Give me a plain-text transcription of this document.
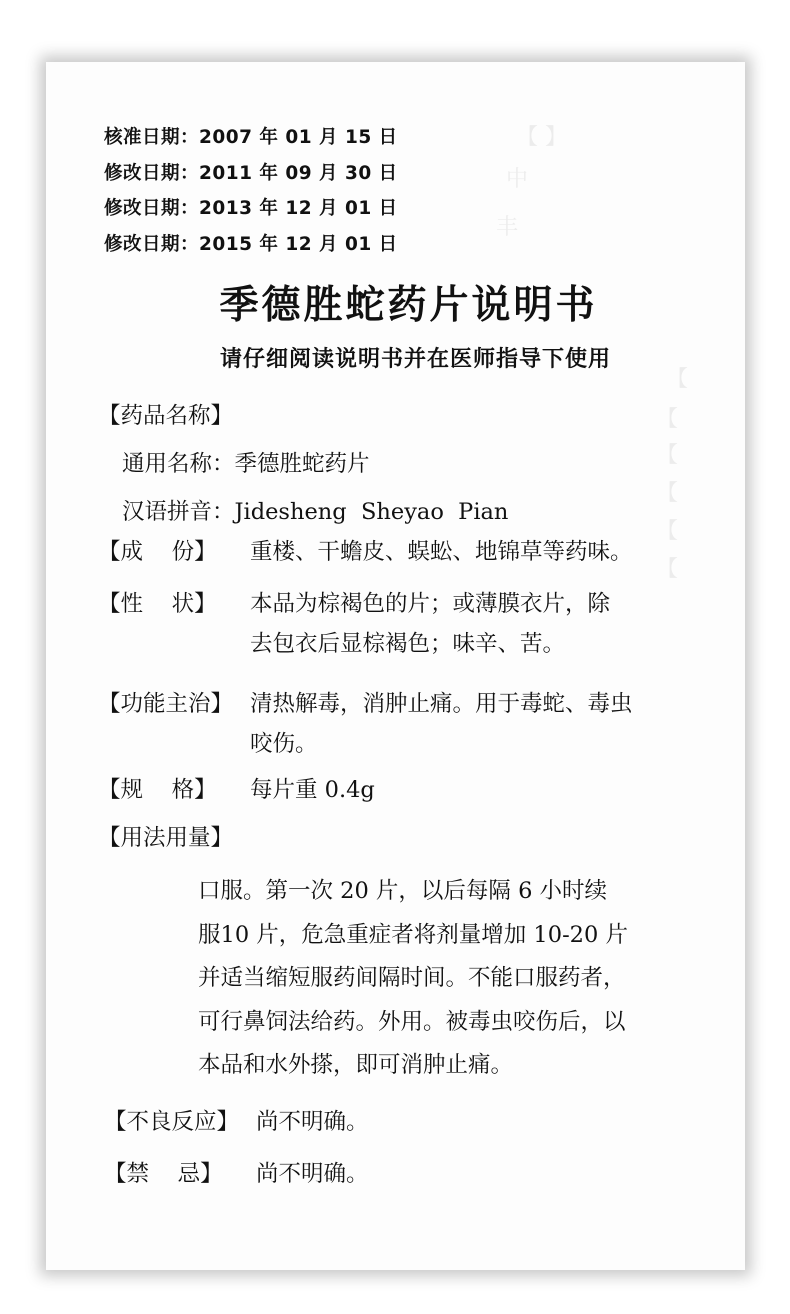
【 】
中
丰
【
【
【
【
【
【
核准日期：2007 年 01 月 15 日
修改日期：2011 年 09 月 30 日
修改日期：2013 年 12 月 01 日
修改日期：2015 年 12 月 01 日
季德胜蛇药片说明书
请仔细阅读说明书并在医师指导下使用
【药品名称】
通用名称：季德胜蛇药片
汉语拼音：Jidesheng  Sheyao  Pian
【成    份】 重楼、干蟾皮、蜈蚣、地锦草等药味。
【性    状】 本品为棕褐色的片；或薄膜衣片，除
去包衣后显棕褐色；味辛、苦。
【功能主治】 清热解毒，消肿止痛。用于毒蛇、毒虫
咬伤。
【规    格】 每片重 0.4g
【用法用量】
口服。第一次 20 片，以后每隔 6 小时续
服10 片，危急重症者将剂量增加 10-20 片
并适当缩短服药间隔时间。不能口服药者，
可行鼻饲法给药。外用。被毒虫咬伤后，以
本品和水外搽，即可消肿止痛。
【不良反应】 尚不明确。
【禁    忌】 尚不明确。
